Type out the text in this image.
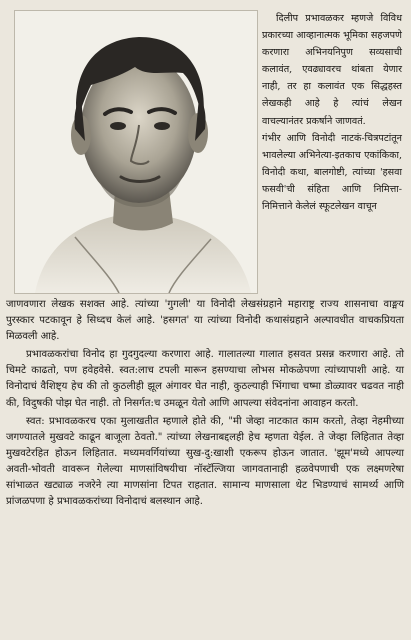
दिलीप प्रभावळकर म्हणजे विविध प्रकारच्या आव्हानात्मक भूमिका सहजपणे करणारा अभिनयनिपुण सव्यसाची कलावंत, एवढ्यावरच थांबता येणार नाही, तर हा कलावंत एक सिद्धहस्त लेखकही आहे हे त्यांचं लेखन वाचल्यानंतर प्रकर्षाने जाणवतं.

गंभीर आणि विनोदी नाटकं-चित्रपटांतून भावलेल्या अभिनेत्या-इतकाच एकांकिका, विनोदी कथा, बालगोष्टी, त्यांच्या 'हसवा फसवी'ची संहिता आणि निमित्ता-निमित्ताने केलेलं स्फूटलेखन वाचून

जाणवणारा लेखक सशक्त आहे. त्यांच्या 'गुगली' या विनोदी लेखसंग्रहाने महाराष्ट्र राज्य शासनाचा वाङ्मय पुरस्कार पटकावून हे सिध्दच केलं आहे. 'हसगत' या त्यांच्या विनोदी कथासंग्रहाने अल्पावधीत वाचकप्रियता मिळवली आहे.

प्रभावळकरांचा विनोद हा गुदगुदल्या करणारा आहे. गालातल्या गालात हसवत प्रसन्न करणारा आहे. तो चिमटे काढतो, पण हवेहवेसे. स्वत:लाच टपली मारून हसण्याचा लोभस मोकळेपणा त्यांच्यापाशी आहे. या विनोदाचं वैशिष्ट्य हेच की तो कुठलीही झूल अंगावर घेत नाही, कुठल्याही भिंगाचा चष्मा डोळ्यावर चढवत नाही की, विदुषकी पोझ घेत नाही. तो निसर्गत:च उमळून येतो आणि आपल्या संवेदनांना आवाहन करतो.

स्वत: प्रभावळकरच एका मुलाखतीत म्हणाले होते की, "मी जेव्हा नाटकात काम करतो, तेव्हा नेहमीच्या जगण्यातले मुखवटे काढून बाजूला ठेवतो." त्यांच्या लेखनाबद्दलही हेच म्हणता येईल. ते जेव्हा लिहितात तेव्हा मुखवटेरहित होऊन लिहितात. मध्यमवर्गियांच्या सुख-दु:खाशी एकरूप होऊन जातात. 'झूम'मध्ये आपल्या अवती-भोवती वावरून गेलेल्या माणसांविषयीचा नॉस्टॅल्जिया जागवतानाही हळवेपणाची एक लक्ष्मणरेषा सांभाळत खट्याळ नजरेने त्या माणसांना टिपत राहतात. सामान्य माणसाला थेट भिडण्याचं सामर्थ्य आणि प्रांजळपणा हे प्रभावळकरांच्या विनोदाचं बलस्थान आहे.
